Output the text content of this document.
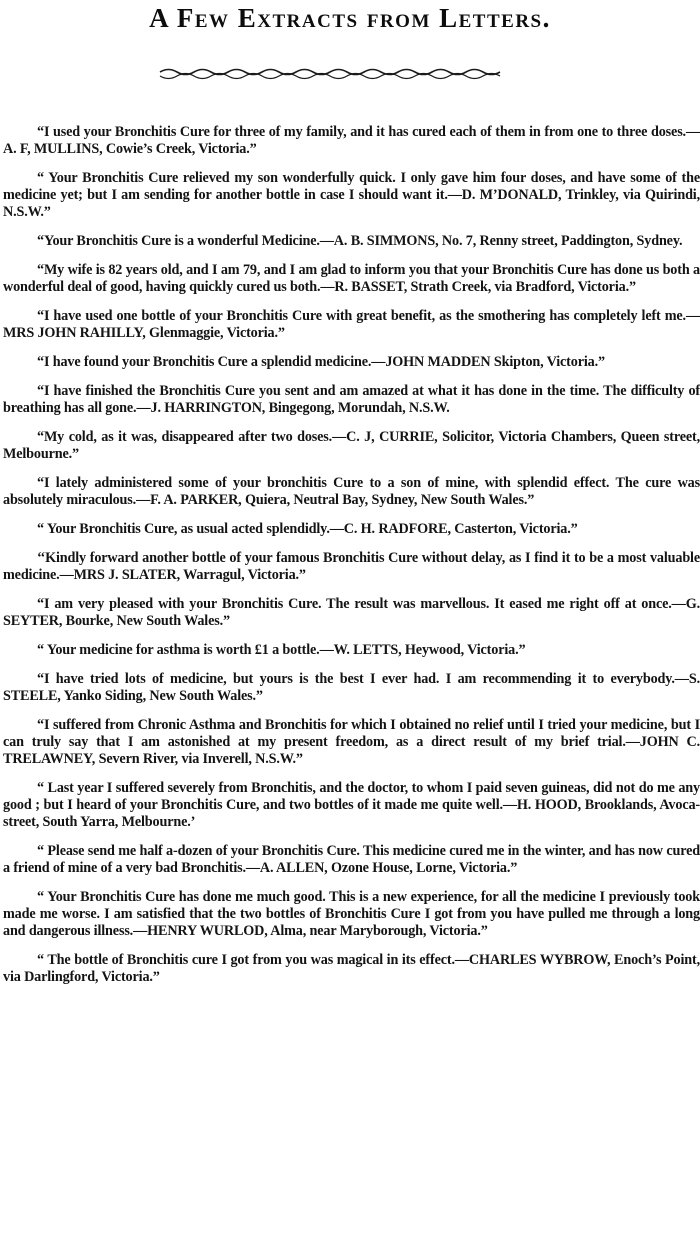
A Few Extracts from Letters.

“I used your Bronchitis Cure for three of my family, and it has cured each of them in from one to three doses.—A. F, MULLINS, Cowie’s Creek, Victoria.”

“ Your Bronchitis Cure relieved my son wonderfully quick. I only gave him four doses, and have some of the medicine yet; but I am sending for another bottle in case I should want it.—D. M’DONALD, Trinkley, via Quirindi, N.S.W.”

“Your Bronchitis Cure is a wonderful Medicine.—A. B. SIMMONS, No. 7, Renny street, Paddington, Sydney.

“My wife is 82 years old, and I am 79, and I am glad to inform you that your Bronchitis Cure has done us both a wonderful deal of good, having quickly cured us both.—R. BASSET, Strath Creek, via Bradford, Victoria.”

“I have used one bottle of your Bronchitis Cure with great benefit, as the smothering has completely left me.—MRS JOHN RAHILLY, Glenmaggie, Victoria.”

“I have found your Bronchitis Cure a splendid medicine.—JOHN MADDEN Skipton, Victoria.”

“I have finished the Bronchitis Cure you sent and am amazed at what it has done in the time. The difficulty of breathing has all gone.—J. HARRINGTON, Bingegong, Morundah, N.S.W.

“My cold, as it was, disappeared after two doses.—C. J, CURRIE, Solicitor, Victoria Chambers, Queen street, Melbourne.”

“I lately administered some of your bronchitis Cure to a son of mine, with splendid effect. The cure was absolutely miraculous.—F. A. PARKER, Quiera, Neutral Bay, Sydney, New South Wales.”

“ Your Bronchitis Cure, as usual acted splendidly.—C. H. RADFORE, Casterton, Victoria.”

‘‘Kindly forward another bottle of your famous Bronchitis Cure without delay, as I find it to be a most valuable medicine.—MRS J. SLATER, Warragul, Victoria.”

“I am very pleased with your Bronchitis Cure. The result was marvellous. It eased me right off at once.—G. SEYTER, Bourke, New South Wales.”

“ Your medicine for asthma is worth £1 a bottle.—W. LETTS, Heywood, Victoria.”

“I have tried lots of medicine, but yours is the best I ever had. I am recommending it to everybody.—S. STEELE, Yanko Siding, New South Wales.”

“I suffered from Chronic Asthma and Bronchitis for which I obtained no relief until I tried your medicine, but I can truly say that I am astonished at my present freedom, as a direct result of my brief trial.—JOHN C. TRELAWNEY, Severn River, via Inverell, N.S.W.”

“ Last year I suffered severely from Bronchitis, and the doctor, to whom I paid seven guineas, did not do me any good ; but I heard of your Bronchitis Cure, and two bottles of it made me quite well.—H. HOOD, Brooklands, Avoca-street, South Yarra, Melbourne.’

“ Please send me half a-dozen of your Bronchitis Cure. This medicine cured me in the winter, and has now cured a friend of mine of a very bad Bronchitis.—A. ALLEN, Ozone House, Lorne, Victoria.”

“ Your Bronchitis Cure has done me much good. This is a new experience, for all the medicine I previously took made me worse. I am satisfied that the two bottles of Bronchitis Cure I got from you have pulled me through a long and dangerous illness.—HENRY WURLOD, Alma, near Maryborough, Victoria.”

“ The bottle of Bronchitis cure I got from you was magical in its effect.—CHARLES WYBROW, Enoch’s Point, via Darlingford, Victoria.”
